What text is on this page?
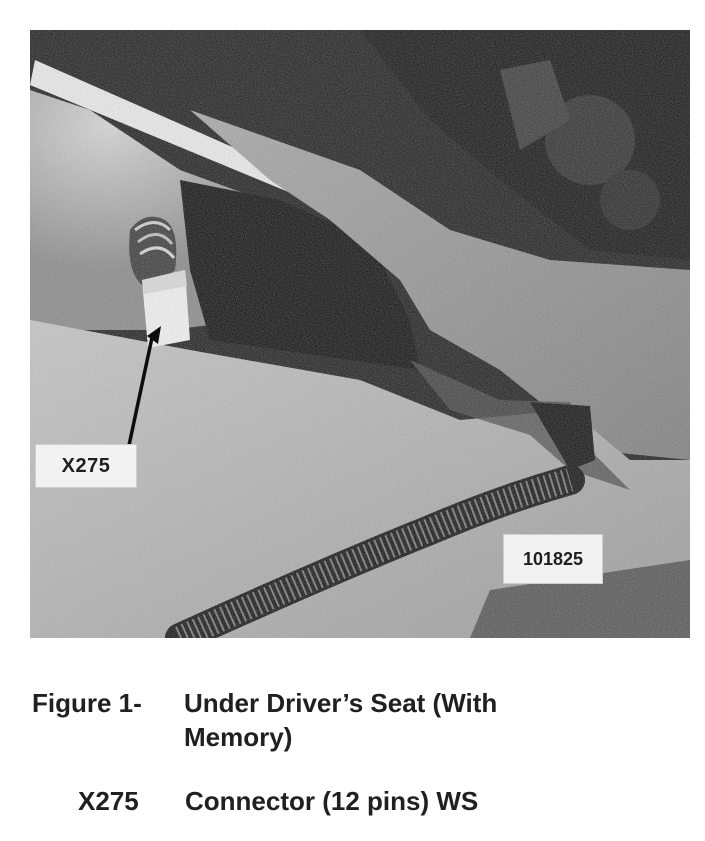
X275
101825
Figure 1-	Under Driver’s Seat (With Memory)
X275	Connector (12 pins) WS
